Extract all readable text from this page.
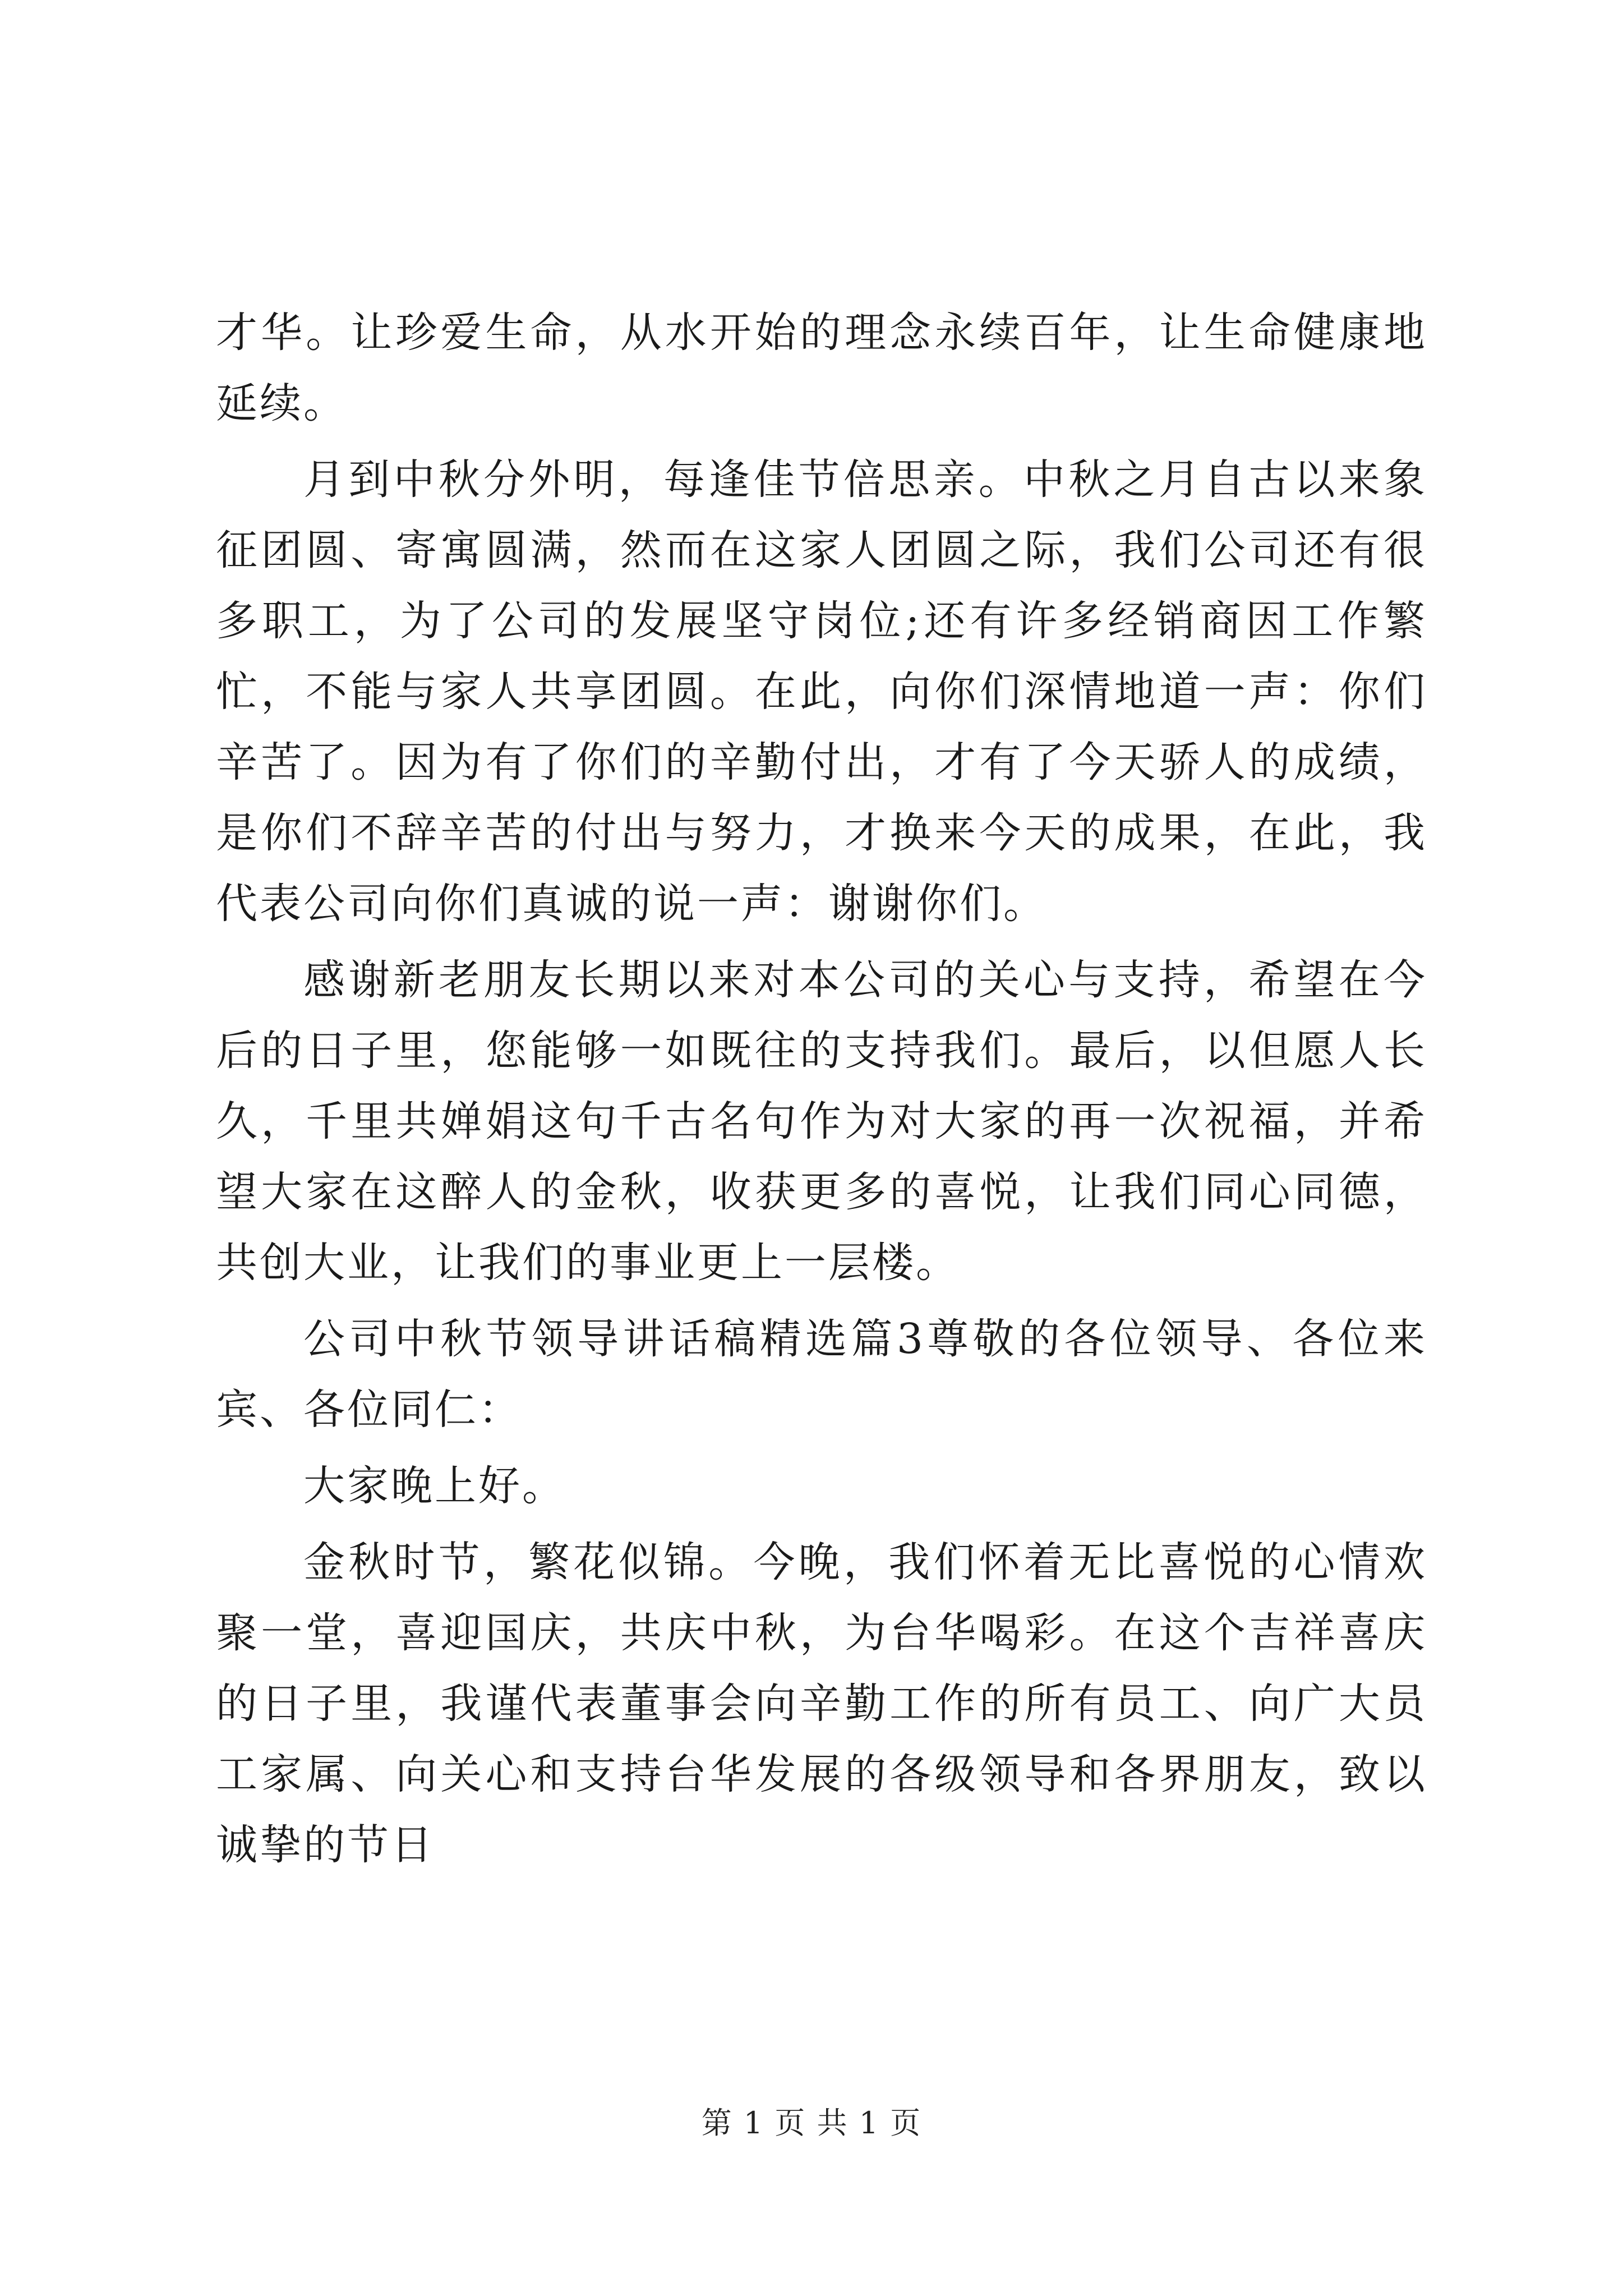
才华。让珍爱生命，从水开始的理念永续百年，让生命健康地延续。

月到中秋分外明，每逢佳节倍思亲。中秋之月自古以来象征团圆、寄寓圆满，然而在这家人团圆之际，我们公司还有很多职工，为了公司的发展坚守岗位;还有许多经销商因工作繁忙，不能与家人共享团圆。在此，向你们深情地道一声：你们辛苦了。因为有了你们的辛勤付出，才有了今天骄人的成绩，是你们不辞辛苦的付出与努力，才换来今天的成果，在此，我代表公司向你们真诚的说一声：谢谢你们。

感谢新老朋友长期以来对本公司的关心与支持，希望在今后的日子里，您能够一如既往的支持我们。最后，以但愿人长久，千里共婵娟这句千古名句作为对大家的再一次祝福，并希望大家在这醉人的金秋，收获更多的喜悦，让我们同心同德，共创大业，让我们的事业更上一层楼。

公司中秋节领导讲话稿精选篇3尊敬的各位领导、各位来宾、各位同仁：

大家晚上好。

金秋时节，繁花似锦。今晚，我们怀着无比喜悦的心情欢聚一堂，喜迎国庆，共庆中秋，为台华喝彩。在这个吉祥喜庆的日子里，我谨代表董事会向辛勤工作的所有员工、向广大员工家属、向关心和支持台华发展的各级领导和各界朋友，致以诚挚的节日

第 1 页 共 1 页
